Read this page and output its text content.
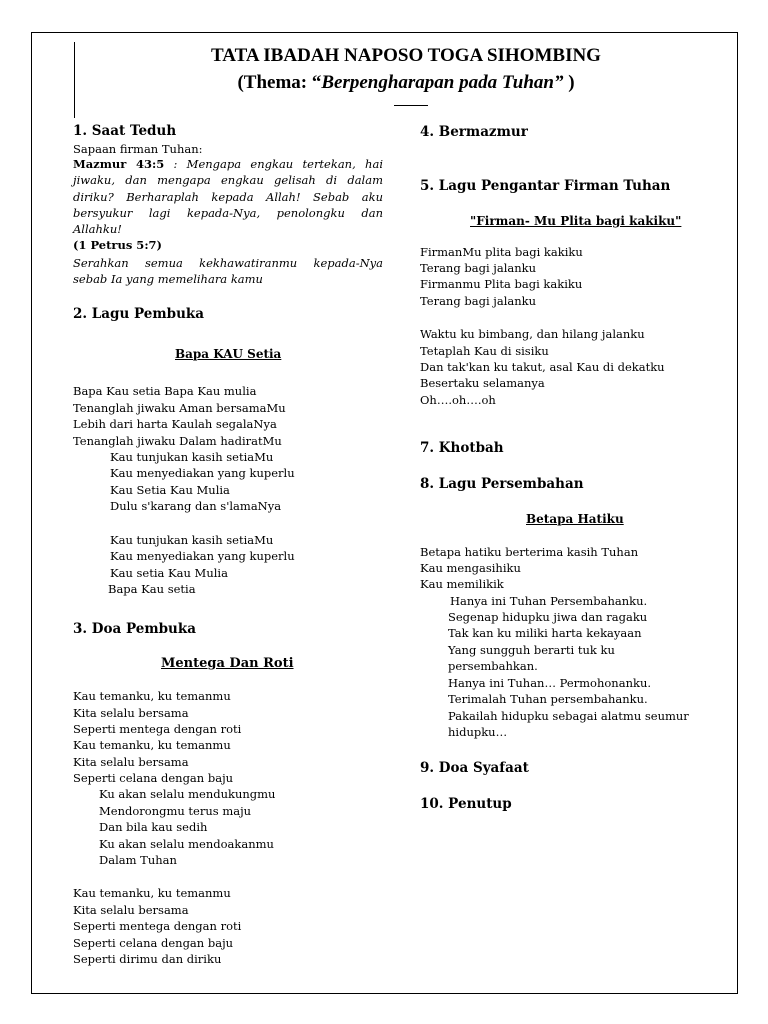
TATA IBADAH NAPOSO TOGA SIHOMBING
(Thema: “Berpengharapan pada Tuhan” )
1. Saat Teduh
Sapaan firman Tuhan:
Mazmur 43:5 : Mengapa engkau tertekan, hai jiwaku, dan mengapa engkau gelisah di dalam diriku? Berharaplah kepada Allah! Sebab aku bersyukur lagi kepada-Nya, penolongku dan Allahku!
(1 Petrus 5:7)
Serahkan semua kekhawatiranmu kepada-Nya sebab Ia yang memelihara kamu
2. Lagu Pembuka
Bapa KAU Setia
Bapa Kau setia Bapa Kau mulia
Tenanglah jiwaku Aman bersamaMu
Lebih dari harta Kaulah segalaNya
Tenanglah jiwaku Dalam hadiratMu
Kau tunjukan kasih setiaMu
Kau menyediakan yang kuperlu
Kau Setia Kau Mulia
Dulu s'karang dan s'lamaNya
Kau tunjukan kasih setiaMu
Kau menyediakan yang kuperlu
Kau setia Kau Mulia
Bapa Kau setia
3. Doa Pembuka
Mentega Dan Roti
Kau temanku, ku temanmu
Kita selalu bersama
Seperti mentega dengan roti
Kau temanku, ku temanmu
Kita selalu bersama
Seperti celana dengan baju
Ku akan selalu mendukungmu
Mendorongmu terus maju
Dan bila kau sedih
Ku akan selalu mendoakanmu
Dalam Tuhan
Kau temanku, ku temanmu
Kita selalu bersama
Seperti mentega dengan roti
Seperti celana dengan baju
Seperti dirimu dan diriku
4. Bermazmur
5. Lagu Pengantar Firman Tuhan
"Firman- Mu Plita bagi kakiku"
FirmanMu plita bagi kakiku
Terang bagi jalanku
Firmanmu Plita bagi kakiku
Terang bagi jalanku
Waktu ku bimbang, dan hilang jalanku
Tetaplah Kau di sisiku
Dan tak'kan ku takut, asal Kau di dekatku
Besertaku selamanya
Oh….oh….oh
7. Khotbah
8. Lagu Persembahan
Betapa Hatiku
Betapa hatiku berterima kasih Tuhan
Kau mengasihiku
Kau memilikik
Hanya ini Tuhan Persembahanku.
Segenap hidupku jiwa dan ragaku
Tak kan ku miliki harta kekayaan
Yang sungguh berarti tuk ku
persembahkan.
Hanya ini Tuhan… Permohonanku.
Terimalah Tuhan persembahanku.
Pakailah hidupku sebagai alatmu seumur
hidupku…
9. Doa Syafaat
10. Penutup
